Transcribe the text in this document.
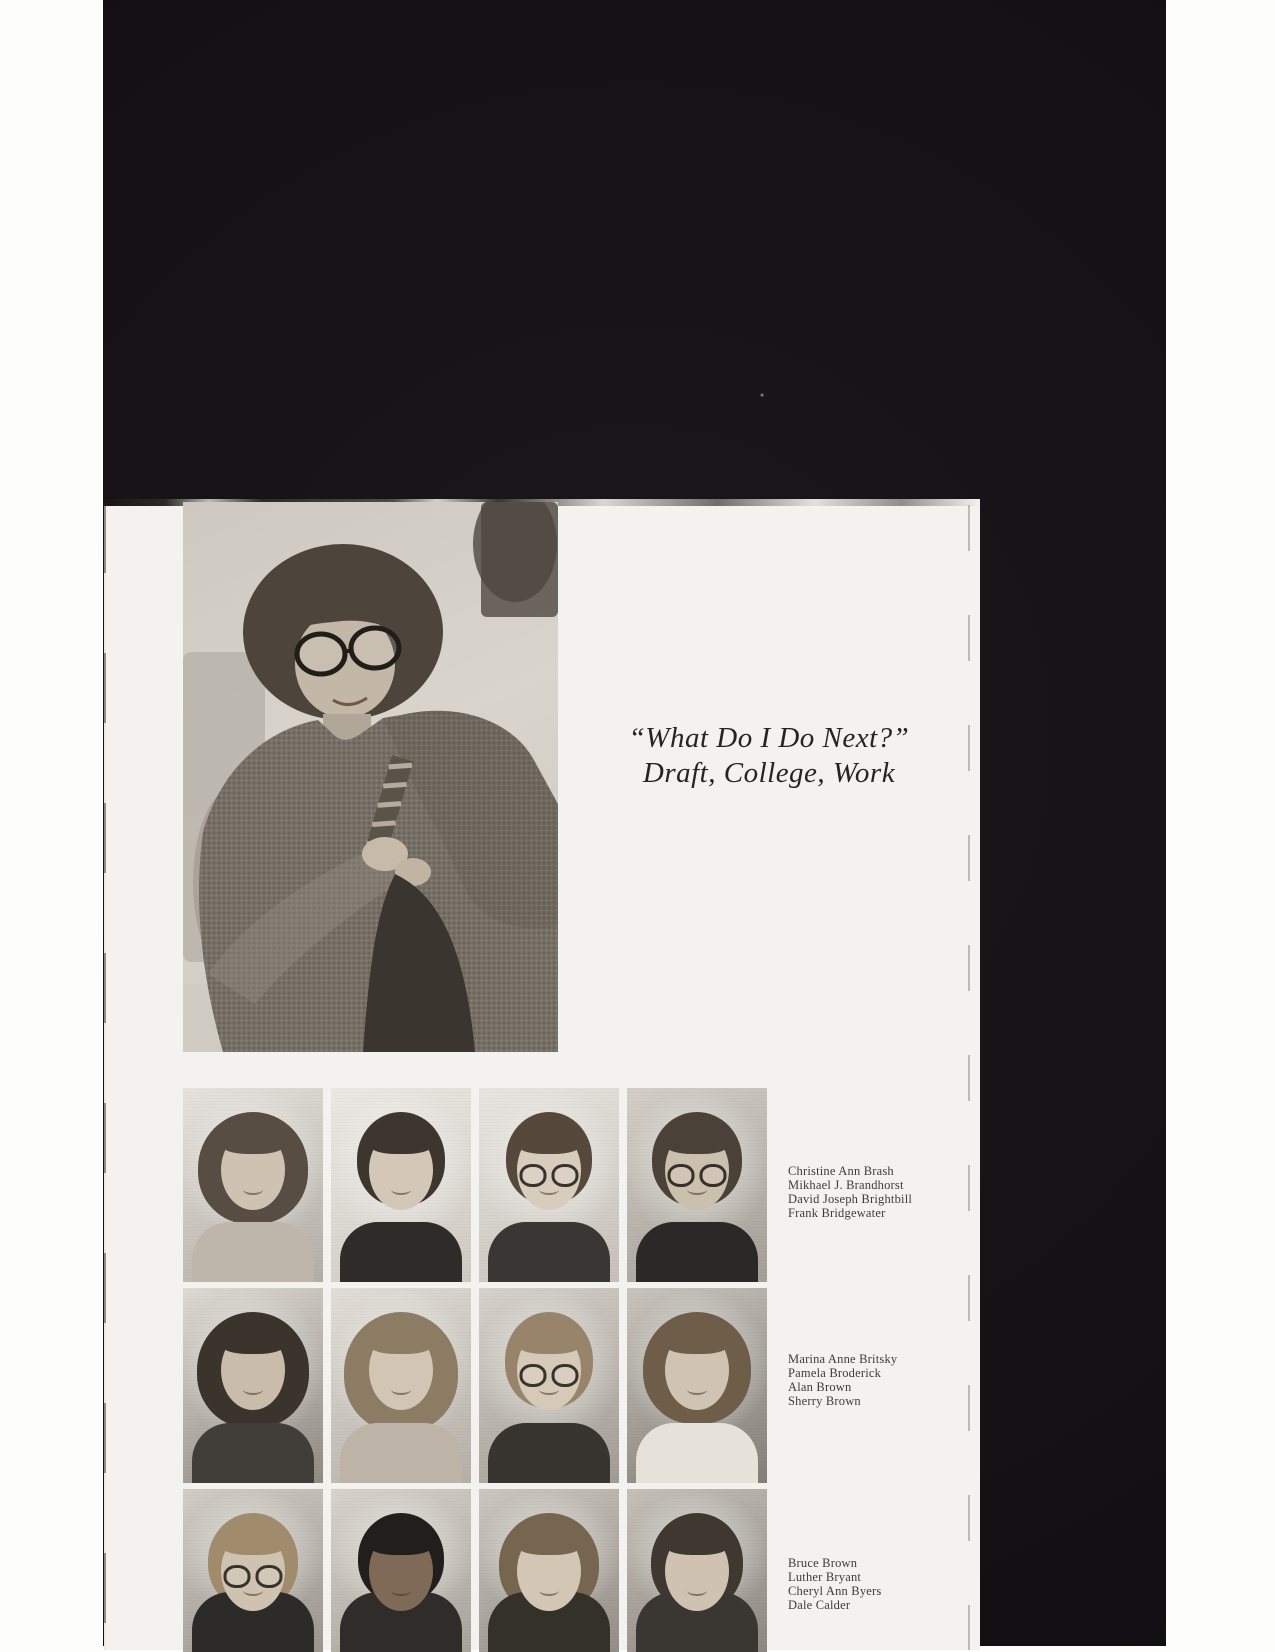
“What Do I Do Next?”
Draft, College, Work
Christine Ann Brash
Mikhael J. Brandhorst
David Joseph Brightbill
Frank Bridgewater
Marina Anne Britsky
Pamela Broderick
Alan Brown
Sherry Brown
Bruce Brown
Luther Bryant
Cheryl Ann Byers
Dale Calder
